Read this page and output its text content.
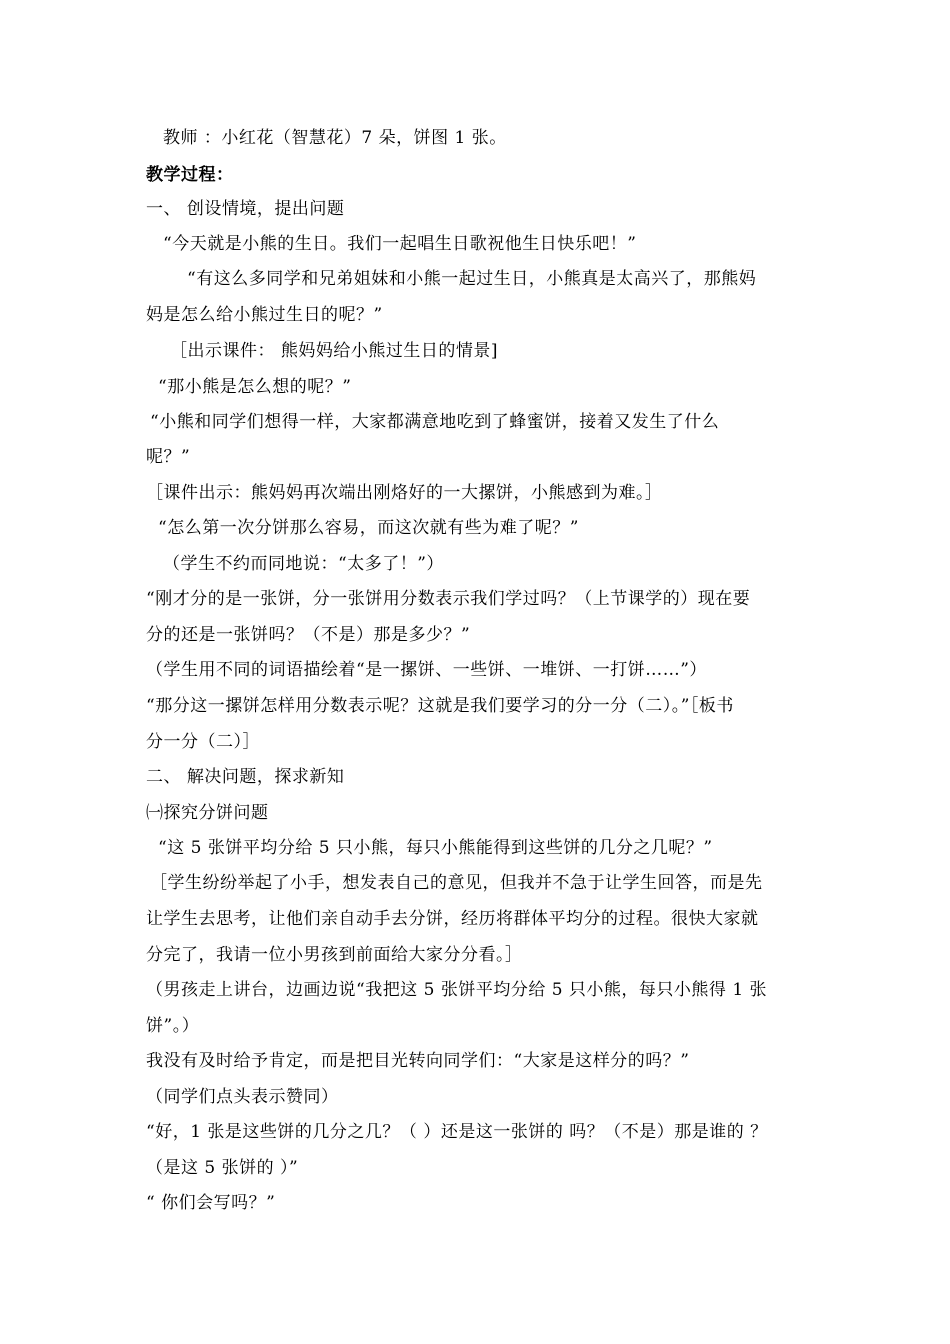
教师 ：小红花（智慧花）7 朵，饼图 1 张。
教学过程：
一、 创设情境，提出问题
“今天就是小熊的生日。我们一起唱生日歌祝他生日快乐吧！”
“有这么多同学和兄弟姐妹和小熊一起过生日，小熊真是太高兴了，那熊妈
妈是怎么给小熊过生日的呢？”
［出示课件： 熊妈妈给小熊过生日的情景]
“那小熊是怎么想的呢？”
“小熊和同学们想得一样，大家都满意地吃到了蜂蜜饼，接着又发生了什么
呢？”
［课件出示：熊妈妈再次端出刚烙好的一大摞饼，小熊感到为难。］
“怎么第一次分饼那么容易，而这次就有些为难了呢？”
（学生不约而同地说：“太多了！”）
“刚才分的是一张饼，分一张饼用分数表示我们学过吗？（上节课学的）现在要
分的还是一张饼吗？（不是）那是多少？”
（学生用不同的词语描绘着“是一摞饼、一些饼、一堆饼、一打饼……”）
“那分这一摞饼怎样用分数表示呢？这就是我们要学习的分一分（二）。”［板书
分一分（二）］
二、 解决问题，探求新知
㈠探究分饼问题
“这 5 张饼平均分给 5 只小熊，每只小熊能得到这些饼的几分之几呢？”
［学生纷纷举起了小手，想发表自己的意见，但我并不急于让学生回答，而是先
让学生去思考，让他们亲自动手去分饼，经历将群体平均分的过程。很快大家就
分完了，我请一位小男孩到前面给大家分分看。］
（男孩走上讲台，边画边说“我把这 5 张饼平均分给 5 只小熊，每只小熊得 1 张
饼”。）
我没有及时给予肯定，而是把目光转向同学们：“大家是这样分的吗？”
（同学们点头表示赞同）
“好，1 张是这些饼的几分之几？（ ）还是这一张饼的 吗？（不是）那是谁的 ？
（是这 5 张饼的 ）”
“ 你们会写吗？”
